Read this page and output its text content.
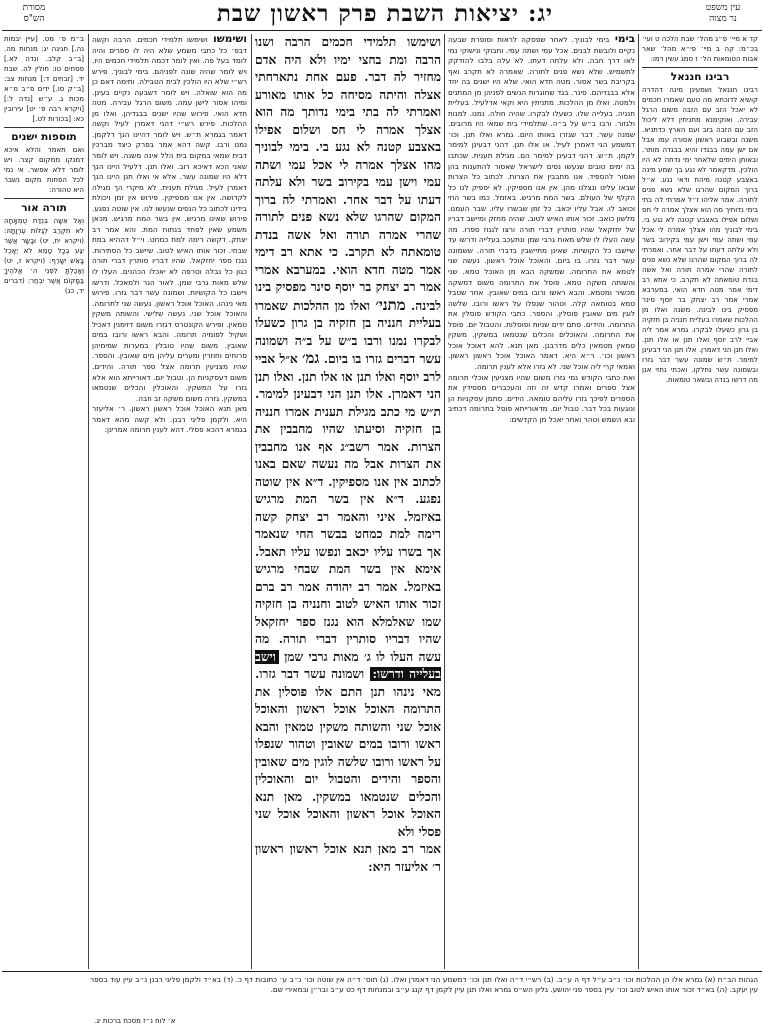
עין משפט
נר מצוה
יג: יציאות השבת פרק ראשון שבת
מסורת
הש"ס

קד א מיי׳ פ״ג מהל׳ שבת הלכה ט ועי׳ בכ״מ: קה ב מיי׳ פי״א מהל׳ שאר אבות הטומאות הל׳ ז סמג עשין רמו:

רבינו חננאל

רבינו חננאל ושמעינן מינה דהדרה קושיא לדוכתא מה טעם שאמרו חכמים לא יאכל הזב עם הזבה משום הרגל עבירה. ואוקימנא מתניתין דלא ליכול הזב עם הזבה בזב ועם הארץ כדתניא. משנה ובשבוע ראשון אסורה עמו אבל אם ישן עמה בבגדו והיא בבגדה מותר. ובאותן הימים שלאחר ימי נדתה לא היו הולכין. מדקאמר לא נגע בך שמע מינה באצבע קטנה מיהת ודאי נגע. א״ל ברוך המקום שהרגו שלא נשא פנים לתורה. אמר אליהו ז״ל אמרתי לה בתי בימי נדותיך מה הוא אצלך אמרה לי חס ושלום אפילו באצבע קטנה לא נגע בי. בימי לבוניך מהו אצלך אמרה לי אכל עמי ושתה עמי וישן עמי בקירוב בשר ולא עלתה דעתו על דבר אחר. ואמרתי לה ברוך המקום שהרגו שלא נשא פנים לתורה שהרי אמרה תורה ואל אשה בנדת טומאתה לא תקרב. כי אתא רב דימי אמר מטה חדא הואי. במערבא אמרי אמר רב יצחק בר יוסף סינר מפסיק בינו לבינה. משנה ואלו מן ההלכות שאמרו בעליית חנניה בן חזקיה בן גרון כשעלו לבקרו. גמרא אמר ליה אביי לרב יוסף ואלו תנן או אלו תנן. ואלו תנן הני דאמרן. אלו תנן הני דבעינן למימר. ת״ש שמונה עשר דבר גזרו ובשמונה עשר נחלקו. ואכתי נחזי אנן מה דרשו בנדה ובשאר טומאות.

בימי בימי לבוניך. לאחר שפסקה לראות וסופרת שבעה נקיים ולובשת לבנים. אכל עמי ושתה עמי. וחבוקי ונישוקי נמי לאו דרך חבה. ולא עלתה דעתו. לא עלה בלבו להזדקק לתשמיש. שלא נשא פנים לתורה. שאמרה לא תקרב ואף בקריבת בשר אסור. מטה חדא הואי. שלא היו ישנים בה יחד אלא בבגדיהם. סינר. בגד שחוגרות הנשים לפניהן מן המתנים ולמטה. ואלו מן ההלכות. מתניתין היא וקאי אדלעיל. בעליית חנניה. בעלייה שלו. כשעלו לבקרו. שהיה חולה. נמנו. למנות ולגזור. ורבו ב״ש על ב״ה. שתלמידי בית שמאי היו מרובים. שמנה עשר. דבר שגזרו באותו היום. גמרא ואלו תנן. וכו׳ דמשמע הני דאמרן לעיל. או אלו תנן. דהני דבעינן למימר לקמן. ת״ש. דהני דבעינן למימר הם. מגילת תענית. שכתבו בה ימים טובים שנעשו נסים לישראל שאסור להתענות בהן ואסור להספיד. אנו מחבבין את הצרות. לכתוב כל הצרות שבאו עלינו ונצלנו מהן. אין אנו מספיקין. לא יספיק לנו כל הקלף של העולם. בשר המת מרגיש. באזמל. כמו בשר החי וכואב לו. אבל עליו יכאב. כל זמן שבשרו עליו. שבר העמנו. מלשון כואב. זכור אותו האיש לטוב. שהיה מחזק ומיישב דבריו של יחזקאל שהיו סותרין דברי תורה ורצו לגנוז ספרו. מה עשה העלו לו שלש מאות גרבי שמן ונתעכב בעלייה ודרשו עד שיישבו כל הקושיות. שאינן מתיישבין בדברי תורה. ששמונה עשר דבר גזרו. בו ביום. והאוכל אוכל ראשון. נעשה שני לטמא את התרומה. שמשקה הבא מן האוכל טמא. שני והשותה משקה טמא. פוסל את התרומה משום דמשקה מכשיר ומטמא. והבא ראשו ורובו במים שאובין. אחר שטבל טמא בטומאה קלה. וטהור שנפלו על ראשו ורובו. שלשה לוגין מים שאובין פוסלין. והספר. כתבי הקודש פוסלין את התרומה. והידים. סתם ידים שניות ופוסלות. והטבול יום. פוסל את התרומה. והאוכלים והכלים שנטמאו במשקין. משקין טמאין מטמאין כלים מדרבנן. מאן תנא. להא דאוכל אוכל ראשון וכו׳. ר״א היא. דאמר האוכל אוכל ראשון ראשון. ואמאי קרי ליה אוכל שני. לא גזרו אלא לענין תרומה.

ואת כתבי הקודש נמי גזרו משום שהיו מצניעין אוכלי תרומה אצל ספרים ואמרו קדש זה וזה והעכברים מפסידין את הספרים לפיכך גזרו עליהם טומאה. הידים. סתמן עסקניות הן ונוגעות בכל דבר. טבול יום. מדאורייתא פוסל בתרומה דכתיב ובא השמש וטהר ואחר יאכל מן הקדשים:

ושימשו תלמידי חכמים הרבה ושנו הרבה ומת בחצי ימיו ולא היה אדם מחזיר לה דבר. פעם אחת נתארחתי אצלה והיתה מסיחה כל אותו מאורע ואמרתי לה בתי בימי נדותך מה הוא אצלך אמרה לי חס ושלום אפילו באצבע קטנה לא נגע בי. בימי לבוניך מהו אצלך אמרה לי אכל עמי ושתה עמי וישן עמי בקירוב בשר ולא עלתה דעתו על דבר אחר. ואמרתי לה ברוך המקום שהרגו שלא נשא פנים לתורה שהרי אמרה תורה ואל אשה בנדת טומאתה לא תקרב. כי אתא רב דימי אמר מטה חדא הואי. במערבא אמרי אמר רב יצחק בר יוסף סינר מפסיק בינו לבינה. מתני׳ ואלו מן ההלכות שאמרו בעליית חנניה בן חזקיה בן גרון כשעלו לבקרו נמנו ורבו ב״ש על ב״ה ושמונה עשר דברים גזרו בו ביום. גמ׳ א״ל אביי לרב יוסף ואלו תנן או אלו תנן. ואלו תנן הני דאמרן. אלו תנן הני דבעינן למימר. ת״ש מי כתב מגילת תענית אמרו חנניה בן חזקיה וסיעתו שהיו מחבבין את הצרות. אמר רשב״ג אף אנו מחבבין את הצרות אבל מה נעשה שאם באנו לכתוב אין אנו מספיקין. ד״א אין שוטה נפגע. ד״א אין בשר המת מרגיש באיזמל. איני והאמר רב יצחק קשה רימה למת כמחט בבשר החי שנאמר אך בשרו עליו יכאב ונפשו עליו תאבל. אימא אין בשר המת שבחי מרגיש באיזמל. אמר רב יהודה אמר רב ברם זכור אותו האיש לטוב וחנניה בן חזקיה שמו שאלמלא הוא נגנז ספר יחזקאל שהיו דבריו סותרין דברי תורה. מה עשה העלו לו ג׳ מאות גרבי שמן וישב בעלייה ודרשו: ושמונה עשר דבר גזרו. מאי נינהו תנן התם אלו פוסלין את התרומה האוכל אוכל ראשון והאוכל אוכל שני והשותה משקין טמאין והבא ראשו ורובו במים שאובין וטהור שנפלו על ראשו ורובו שלשה לוגין מים שאובין והספר והידים והטבול יום והאוכלין והכלים שנטמאו במשקין. מאן תנא האוכל אוכל ראשון והאוכל אוכל שני פסלי ולא

אמר רב מאן תנא אוכל ראשון ראשון ר׳ אליעזר היא:

ושימשו ושימשו תלמידי חכמים. הרבה וקשה דבפ׳ כל כתבי משמע שלא היה לו ספרים והיה לומד בעל פה. ואין לומר דכמה תלמידי חכמים היו. ויש לומר שהיה שונה לפניהם. בימי לבוניך. פירש רש״י שלא היו הולכין לבית הטבילה. ותימה דאם כן מה הוא שואלה. ויש לומר דשבעה נקיים בעינן. ומיהו אסור לישן עמה. משום הרגל עבירה. מטה חדא הואי. פירוש שהיו ישנים בבגדיהן. ואלו מן ההלכות. פירש רש״י דהני דאמרן לעיל וקשה דאמר בגמרא ת״ש. ויש לומר דהיינו הנך דלקמן. נמנו ורבו. קשה דהא אמר בפרק כיצד מברכין דבית שמאי במקום בית הלל אינה משנה. ויש לומר שאני הכא דאיכא רוב. ואלו תנן. דלעיל היינו הנך דלא היו שמונה עשר. אלא אי ואלו תנן היינו הנך דאמרן לעיל. מגילת תענית. לא מיקרי הך מגילה לקדושה. אין אנו מספיקין. פירוש אין זמן ויכולת בידינו לכתוב כל הנסים שנעשו לנו. אין שוטה נפגע. פירוש שאינו מרגיש. אין בשר המת מרגיש. מכאן משמע שאין לפחד בנתוח המת. והא אמר רב יצחק. דקשה רימה למת כמחט. וי״ל דההיא במת שבחי. זכור אותו האיש לטוב. שיישב כל הסתירות. נגנז ספר יחזקאל. שהיו דבריו סותרין דברי תורה כגון כל נבלה וטרפה לא יאכלו הכהנים. העלו לו שלש מאות גרבי שמן. לאור הנר ולמאכל. ודרשו ויישבו כל הקושיות. ושמונה עשר דבר גזרו. פירוש מאי נינהו. האוכל אוכל ראשון. נעשה שני לתרומה. והאוכל אוכל שני. נעשה שלישי. והשותה משקין טמאין. ופירש הקונטרס דגזרו משום דזימנין דאכיל ושקיל לפומיה תרומה. והבא ראשו ורובו במים שאובין. משום שהיו טובלין במערות שמימיהן סרוחים וחוזרין ומערים עליהן מים שאובין. והספר. שהיו מצניעין תרומה אצל ספר תורה. והידים. משום דעסקניות הן. וטבול יום. דאורייתא הוא אלא גזרו על המשקין. והאוכלין והכלים שנטמאו במשקין. גזרה משום משקה זב וזבה.

מאן תנא האוכל אוכל ראשון ראשון. ר׳ אליעזר היא. ולקמן פליגי רבנן. ולא קשה מהא דאמר בגמרא דהכא פסלי. דהא לענין תרומה אמרינן:

ב״מ פ׳ מט. [עיין יבמות נה.] חגיגה יג: מנחות מה. [ב״ב קלב. ונדה לא.] פסחים טו: חולין לה. שבת יד. [זבחים ד:] מנחות צב: [ב״ק סו.] ידים פ״ב מ״א מכות ג. ע״ש [נדה ל:] [ויקרא רבה פ׳ יט] עירובין כא: [בכורות לט.]

תוספות ישנים

ואם תאמר והלא איכא דמנקו ממקום קצר. ויש לומר דלא אפשר. אי נמי לכל הפחות מקום נשבר היא טהורה:

תורה אור

וְאֶל אִשָּׁה בְּנִדַּת טֻמְאָתָהּ לֹא תִקְרַב לְגַלּוֹת עֶרְוָתָהּ: (ויקרא יח, יט) וּבָשָׂר אֲשֶׁר יִגַּע בְּכָל טָמֵא לֹא יֵאָכֵל בָּאֵשׁ יִשָּׂרֵף: (ויקרא ז, יט) וְאָכַלְתָּ לִפְנֵי ה׳ אֱלֹהֶיךָ בַּמָּקוֹם אֲשֶׁר יִבְחַר: (דברים יד, כג)

הגהות הב״ח (א) גמרא אלו הן ההלכות וכו׳ נ״ב ע״ל דף ה ע״ב. (ב) רש״י ד״ה ואלו תנן וכו׳ דמשמע הני דאמרן ואלו. (ג) תוס׳ ד״ה אין שוטה וכו׳ נ״ב ע׳ כתובות דף כ. (ד) בא״ד ולקמן פליגי רבנן נ״ב עיין עוד בספר עין יעקב. (ה) בא״ד זכור אותו האיש לטוב וכו׳ עיין בספר פני יהושע. גליון הש״ס גמרא ואלו תנן עיין לקמן דף קנג ע״ב ובמנחות דף כט ע״ב ובר״ן ובמאירי שם.
א׳ לוח נ״ז מסכת ברכות יג.
